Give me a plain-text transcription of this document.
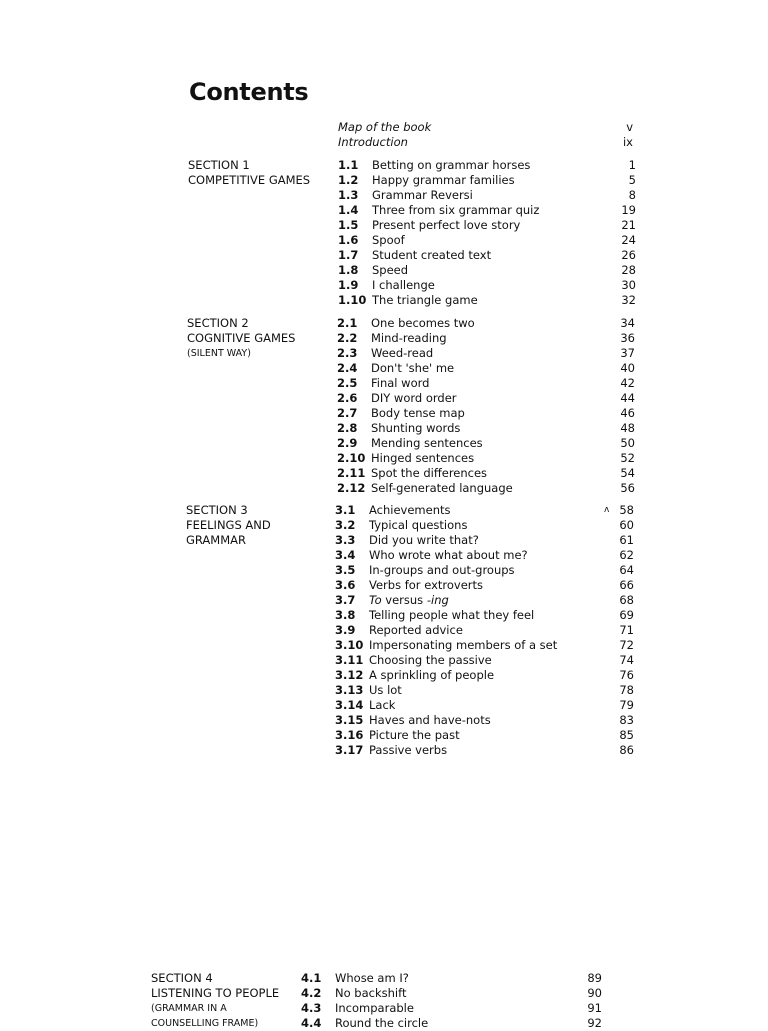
Contents
Map of the book	v
Introduction	ix
SECTION 1
COMPETITIVE GAMES
1.1 Betting on grammar horses	1
1.2 Happy grammar families	5
1.3 Grammar Reversi	8
1.4 Three from six grammar quiz	19
1.5 Present perfect love story	21
1.6 Spoof	24
1.7 Student created text	26
1.8 Speed	28
1.9 I challenge	30
1.10 The triangle game	32
SECTION 2
COGNITIVE GAMES
(SILENT WAY)
2.1 One becomes two	34
2.2 Mind-reading	36
2.3 Weed-read	37
2.4 Don't 'she' me	40
2.5 Final word	42
2.6 DIY word order	44
2.7 Body tense map	46
2.8 Shunting words	48
2.9 Mending sentences	50
2.10 Hinged sentences	52
2.11 Spot the differences	54
2.12 Self-generated language	56
SECTION 3
FEELINGS AND
GRAMMAR
ʌ
3.1 Achievements	58
3.2 Typical questions	60
3.3 Did you write that?	61
3.4 Who wrote what about me?	62
3.5 In-groups and out-groups	64
3.6 Verbs for extroverts	66
3.7 To versus -ing	68
3.8 Telling people what they feel	69
3.9 Reported advice	71
3.10 Impersonating members of a set	72
3.11 Choosing the passive	74
3.12 A sprinkling of people	76
3.13 Us lot	78
3.14 Lack	79
3.15 Haves and have-nots	83
3.16 Picture the past	85
3.17 Passive verbs	86
SECTION 4
LISTENING TO PEOPLE
(GRAMMAR IN A
COUNSELLING FRAME)
4.1 Whose am I?	89
4.2 No backshift	90
4.3 Incomparable	91
4.4 Round the circle	92
